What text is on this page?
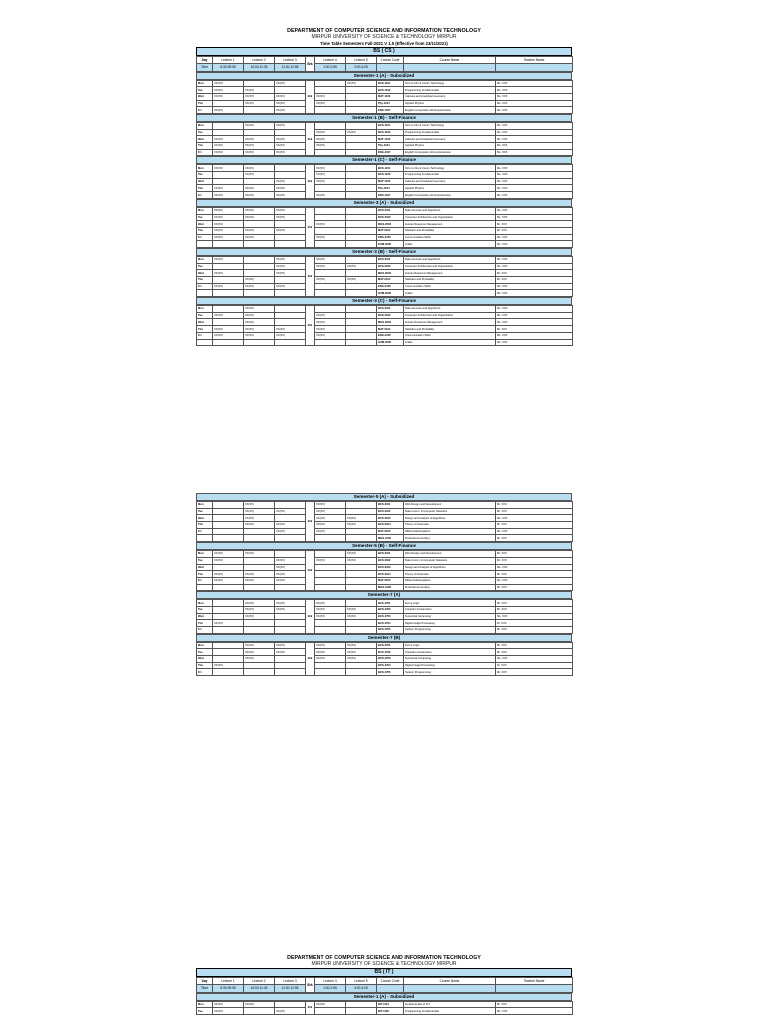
DEPARTMENT OF COMPUTER SCIENCE AND INFORMATION TECHNOLOGY
MIRPUR UNIVERSITY OF SCIENCE & TECHNOLOGY MIRPUR
Time Table Semesters Fall-2021 V 1.5 (Effective from 23/11/2021)
BS ( CS )
Day	Lecture 1	Lecture 2	Lecture 3	Brk	Lecture 4	Lecture 5	Course Code	Course Name	Teacher Name
Time	8:30-09:55	10:00-11:25	11:30-12:55		1:30-2:55	3:00-4:25			
Semester-1 (A) - Subsidized
Mon	XX(XX)		XX(XX)	Brk		XX(XX)	BCS-1101	Intro to Info & Comm Technology	Ms. XXX
Tue	XX(XX)	XX(XX)					BCS-1102	Programming Fundamentals	Ms. XXX
Wed	XX(XX)	XX(XX)	XX(XX)		XX(XX)		MAT-1103	Calculus and Analytical Geometry	Ms. XXX
Thu		XX(XX)	XX(XX)		XX(XX)		Phy-1104	Applied Physics	Ms. XXX
Fri	XX(XX)		XX(XX)				ENG-1107	English Composition &Comprehension	Ms. XXX
Semester-1 (B) - Self-Finance
Mon		XX(XX)	XX(XX)	Brk			BCS-1101	Intro to Info & Comm Technology	Ms. XXX
Tue					XX(XX)	XX(XX)	BCS-1102	Programming Fundamentals	Ms. XXX
Wed	XX(XX)	XX(XX)	XX(XX)		XX(XX)		MAT-1103	Calculus and Analytical Geometry	Ms. XXX
Thu	XX(XX)	XX(XX)	XX(XX)		XX(XX)		Phy-1104	Applied Physics	Ms. XXX
Fri	XX(XX)	XX(XX)	XX(XX)				ENG-1107	English Composition &Comprehension	Ms. XXX
Semester-1 (C) - Self-Finance
Mon	XX(XX)	XX(XX)		Brk	XX(XX)		BCS-1101	Intro to Info & Comm Technology	Ms. XXX
Tue		XX(XX)			XX(XX)		BCS-1102	Programming Fundamentals	Ms. XXX
Wed			XX(XX)		XX(XX)		MAT-1103	Calculus and Analytical Geometry	Ms. XXX
Thu	XX(XX)	XX(XX)	XX(XX)				Phy-1104	Applied Physics	Ms. XXX
Fri	XX(XX)	XX(XX)	XX(XX)		XX(XX)		ENG-1107	English Composition &Comprehension	Ms. XXX
Semester-3 (A) - Subsidized
Mon	XX(XX)	XX(XX)	XX(XX)	Brk			BCS-2101	Data structure and Algorithms	Ms. XXX
Tue	XX(XX)	XX(XX)	XX(XX)				BCS-2102	Computer Architecture and Organization	Ms. XXX
Wed	XX(XX)				XX(XX)		MGS-2003	Human Resource Management	Mr. XXX
Thu	XX(XX)	XX(XX)	XX(XX)				MAT-2104	Statistics and Probability	Mr. XXX
Fri	XX(XX)	XX(XX)			XX(XX)		ENG-2105	Communication Skills	Ms. XXX
							HUM-2006	Arabic	Ms. XXX
Semester-3 (B) - Self-Finance
Mon	XX(XX)		XX(XX)	Brk	XX(XX)		BCS-2101	Data structure and Algorithms	Ms. XXX
Tue			XX(XX)		XX(XX)	XX(XX)	BCS-2102	Computer Architecture and Organization	Ms. XXX
Wed	XX(XX)		XX(XX)				MGS-2003	Human Resource Management	Mr. XXX
Thu		XX(XX)			XX(XX)	XX(XX)	MAT-2104	Statistics and Probability	Mr. XXX
Fri	XX(XX)	XX(XX)	XX(XX)				ENG-2105	Communication Skills	Ms. XXX
							HUM-2006	Arabic	Ms. XXX
Semester-3 (C) - Self-Finance
Mon		XX(XX)		Brk			BCS-2101	Data structure and Algorithms	Ms. XXX
Tue	XX(XX)	XX(XX)			XX(XX)		BCS-2102	Computer Architecture and Organization	Ms. XXX
Wed		XX(XX)			XX(XX)		MGS-2003	Human Resource Management	Ms. XXX
Thu	XX(XX)	XX(XX)	XX(XX)		XX(XX)		MAT-2104	Statistics and Probability	Mr. XXX
Fri	XX(XX)	XX(XX)	XX(XX)		XX(XX)		ENG-2105	Communication Skills	Ms. XXX
							HUM-2006	Arabic	Ms. XXX
Semester-5 (A) - Subsidized
Mon		XX(XX)		Brk	XX(XX)		BCS-3101	Web Design and Development	Mr. XXX
Tue		XX(XX)	XX(XX)		XX(XX)		BCS-3102	Data Comm. & Computer Networks	Mr. XXX
Wed		XX(XX)			XX(XX)	XX(XX)	BCS-3103	Design and Analysis of Algorithms	Ms. XXX
Thu		XX(XX)	XX(XX)		XX(XX)	XX(XX)	BCS-3104	Theory of Automata	Mr. XXX
Fri			XX(XX)		XX(XX)		MAT-3105	Differential Equations	Ms. XXX
							MGS-3106	Financial Accounting	Mr. XXX
Semester-5 (B) - Self-Finance
Mon	XX(XX)	XX(XX)		Brk		XX(XX)	BCS-3101	Web Design and Development	Mr. XXX
Tue	XX(XX)		XX(XX)		XX(XX)	XX(XX)	BCS-3102	Data Comm. & Computer Networks	Mr. XXX
Wed			XX(XX)				BCS-3103	Design and Analysis of Algorithms	Ms. XXX
Thu	XX(XX)	XX(XX)	XX(XX)				BCS-3104	Theory of Automata	Mr. XXX
Fri	XX(XX)	XX(XX)	XX(XX)				MAT-3105	Differential Equations	Ms. XXX
							MGS-3106	Financial Accounting	Mr. XXX
Semester-7 (A)
Mon		XX(XX)	XX(XX)	Brk	XX(XX)		BCS-4701	Fuzzy Logic	Mr. XXX
Tue		XX(XX)	XX(XX)		XX(XX)	XX(XX)	BCS-4702	Compiler Construction	Mr. XXX
Wed		XX(XX)			XX(XX)	XX(XX)	BCS-4703	Numerical Computing	Ms. XXX
Thu	XX(XX)						BCS-4704	Digital Image Processing	Dr. XXX
Fri							BCS-4705	System Programming	Mr. XXX
Semester-7 (B)
Mon		XX(XX)	XX(XX)	Brk	XX(XX)	XX(XX)	BCS-4701	Fuzzy Logic	Mr. XXX
Tue		XX(XX)	XX(XX)		XX(XX)	XX(XX)	BCS-4702	Compiler Construction	Mr. XXX
Wed		XX(XX)			XX(XX)	XX(XX)	BCS-4703	Numerical Computing	Ms. XXX
Thu	XX(XX)						BCS-4704	Digital Image Processing	Dr. XXX
Fri							BCS-4705	System Programming	Mr. XXX
DEPARTMENT OF COMPUTER SCIENCE AND INFORMATION TECHNOLOGY
MIRPUR UNIVERSITY OF SCIENCE & TECHNOLOGY MIRPUR
BS ( IT )
Day	Lecture 1	Lecture 2	Lecture 3	Brk	Lecture 4	Lecture 5	Course Code	Course Name	Teacher Name
Time	8:30-09:55	10:00-11:25	11:30-12:55		1:30-2:55	3:00-4:25			
Semester-1 (A) - Subsidized
Mon	XX(XX)	XX(XX)		Brk	XX(XX)		BIT-1101	Fundamentals of ICT	Mr. XXX
Tue	XX(XX)		XX(XX)				BIT-1102	Programming Fundamentals	Ms. XXX
